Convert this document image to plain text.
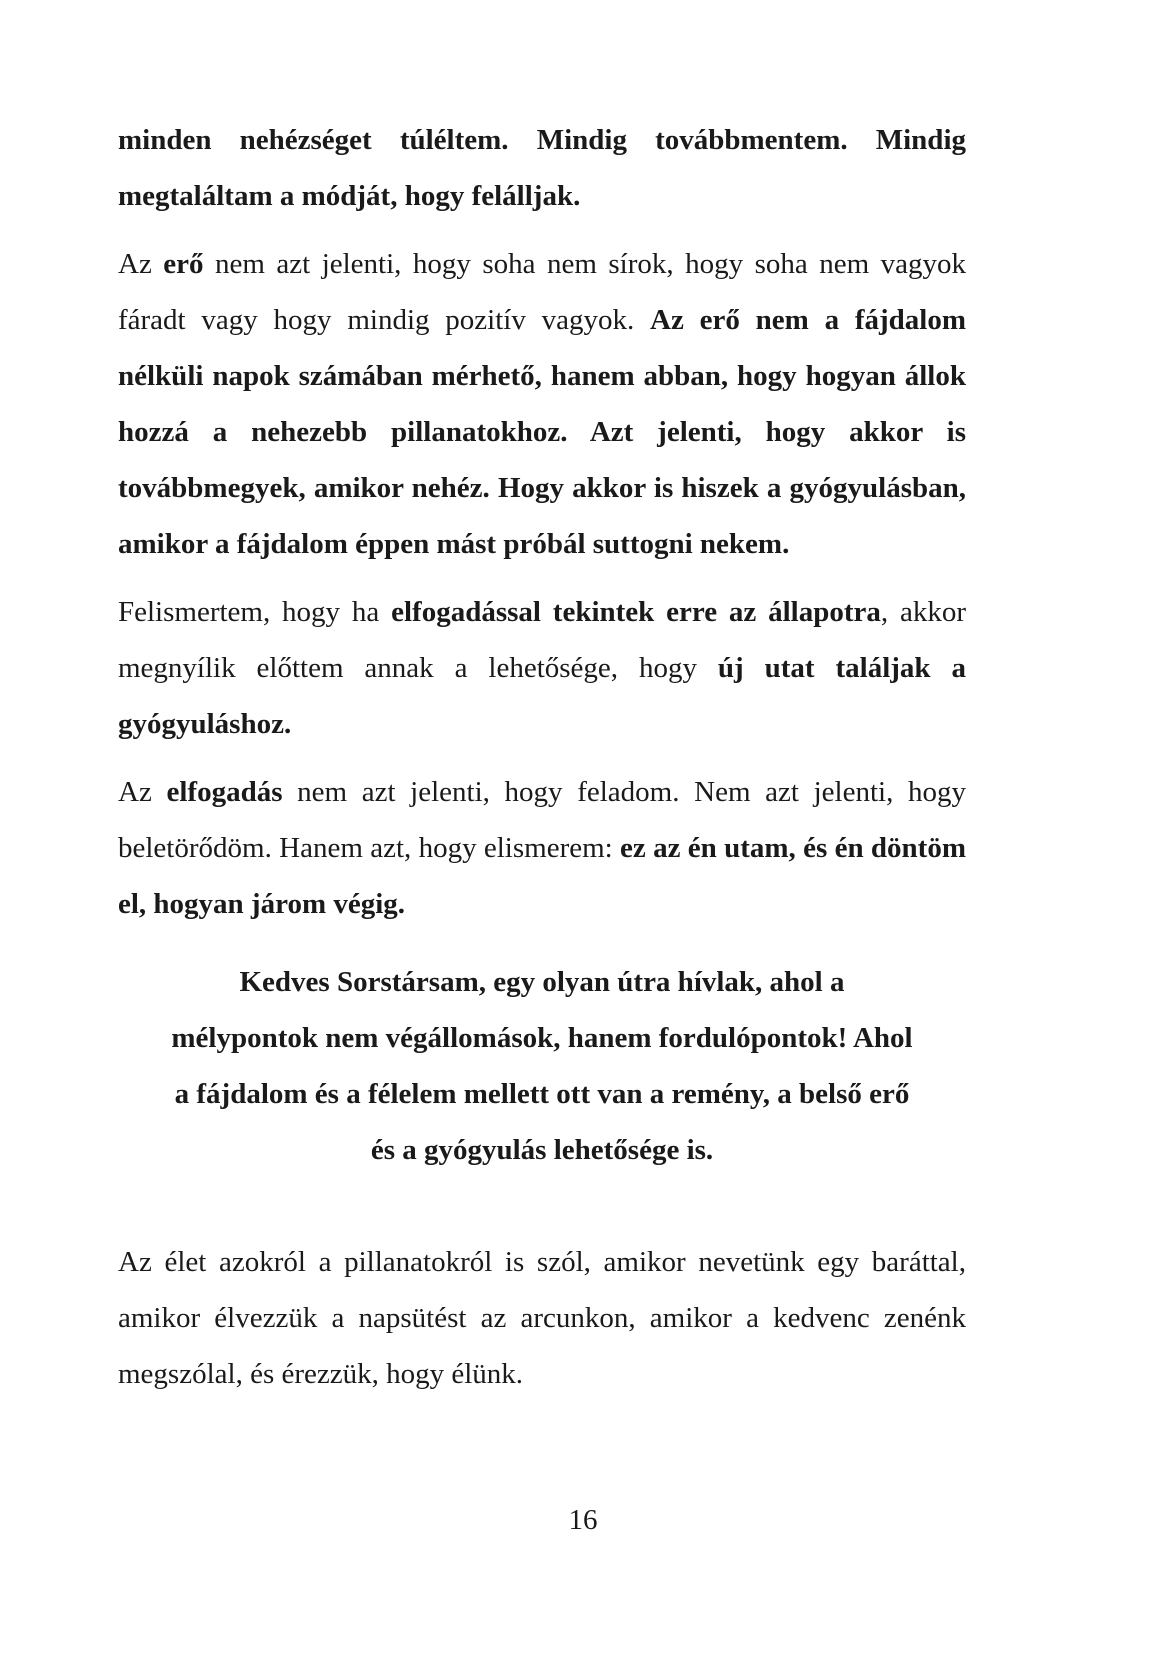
minden nehézséget túléltem. Mindig továbbmentem. Mindig megtaláltam a módját, hogy felálljak.

Az erő nem azt jelenti, hogy soha nem sírok, hogy soha nem vagyok fáradt vagy hogy mindig pozitív vagyok. Az erő nem a fájdalom nélküli napok számában mérhető, hanem abban, hogy hogyan állok hozzá a nehezebb pillanatokhoz. Azt jelenti, hogy akkor is továbbmegyek, amikor nehéz. Hogy akkor is hiszek a gyógyulásban, amikor a fájdalom éppen mást próbál suttogni nekem.

Felismertem, hogy ha elfogadással tekintek erre az állapotra, akkor megnyílik előttem annak a lehetősége, hogy új utat találjak a gyógyuláshoz.

Az elfogadás nem azt jelenti, hogy feladom. Nem azt jelenti, hogy beletörődöm. Hanem azt, hogy elismerem: ez az én utam, és én döntöm el, hogyan járom végig.

Kedves Sorstársam, egy olyan útra hívlak, ahol a
mélypontok nem végállomások, hanem fordulópontok! Ahol
a fájdalom és a félelem mellett ott van a remény, a belső erő
és a gyógyulás lehetősége is.

Az élet azokról a pillanatokról is szól, amikor nevetünk egy baráttal, amikor élvezzük a napsütést az arcunkon, amikor a kedvenc zenénk megszólal, és érezzük, hogy élünk.

16
